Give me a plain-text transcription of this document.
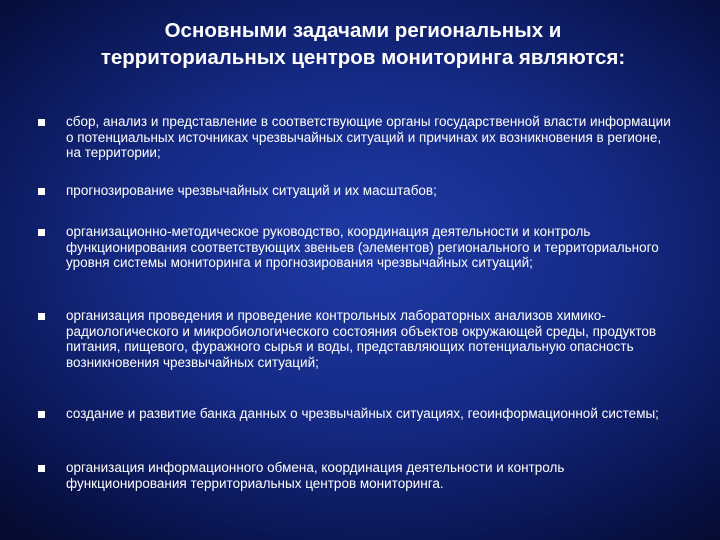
Основными задачами региональных и
территориальных центров мониторинга являются:
сбор, анализ и представление в соответствующие органы государственной власти информации о потенциальных источниках чрезвычайных ситуаций и причинах их возникновения в регионе, на территории;
прогнозирование чрезвычайных ситуаций и их масштабов;
организационно-методическое руководство, координация деятельности и контроль функционирования соответствующих звеньев (элементов) регионального и территориального уровня системы мониторинга и прогнозирования чрезвычайных ситуаций;
организация проведения и проведение контрольных лабораторных анализов химико-радиологического и микробиологического состояния объектов окружающей среды, продуктов питания, пищевого, фуражного сырья и воды, представляющих потенциальную опасность возникновения чрезвычайных ситуаций;
создание и развитие банка данных о чрезвычайных ситуациях, геоинформационной системы;
организация информационного обмена, координация деятельности и контроль функционирования территориальных центров мониторинга.
